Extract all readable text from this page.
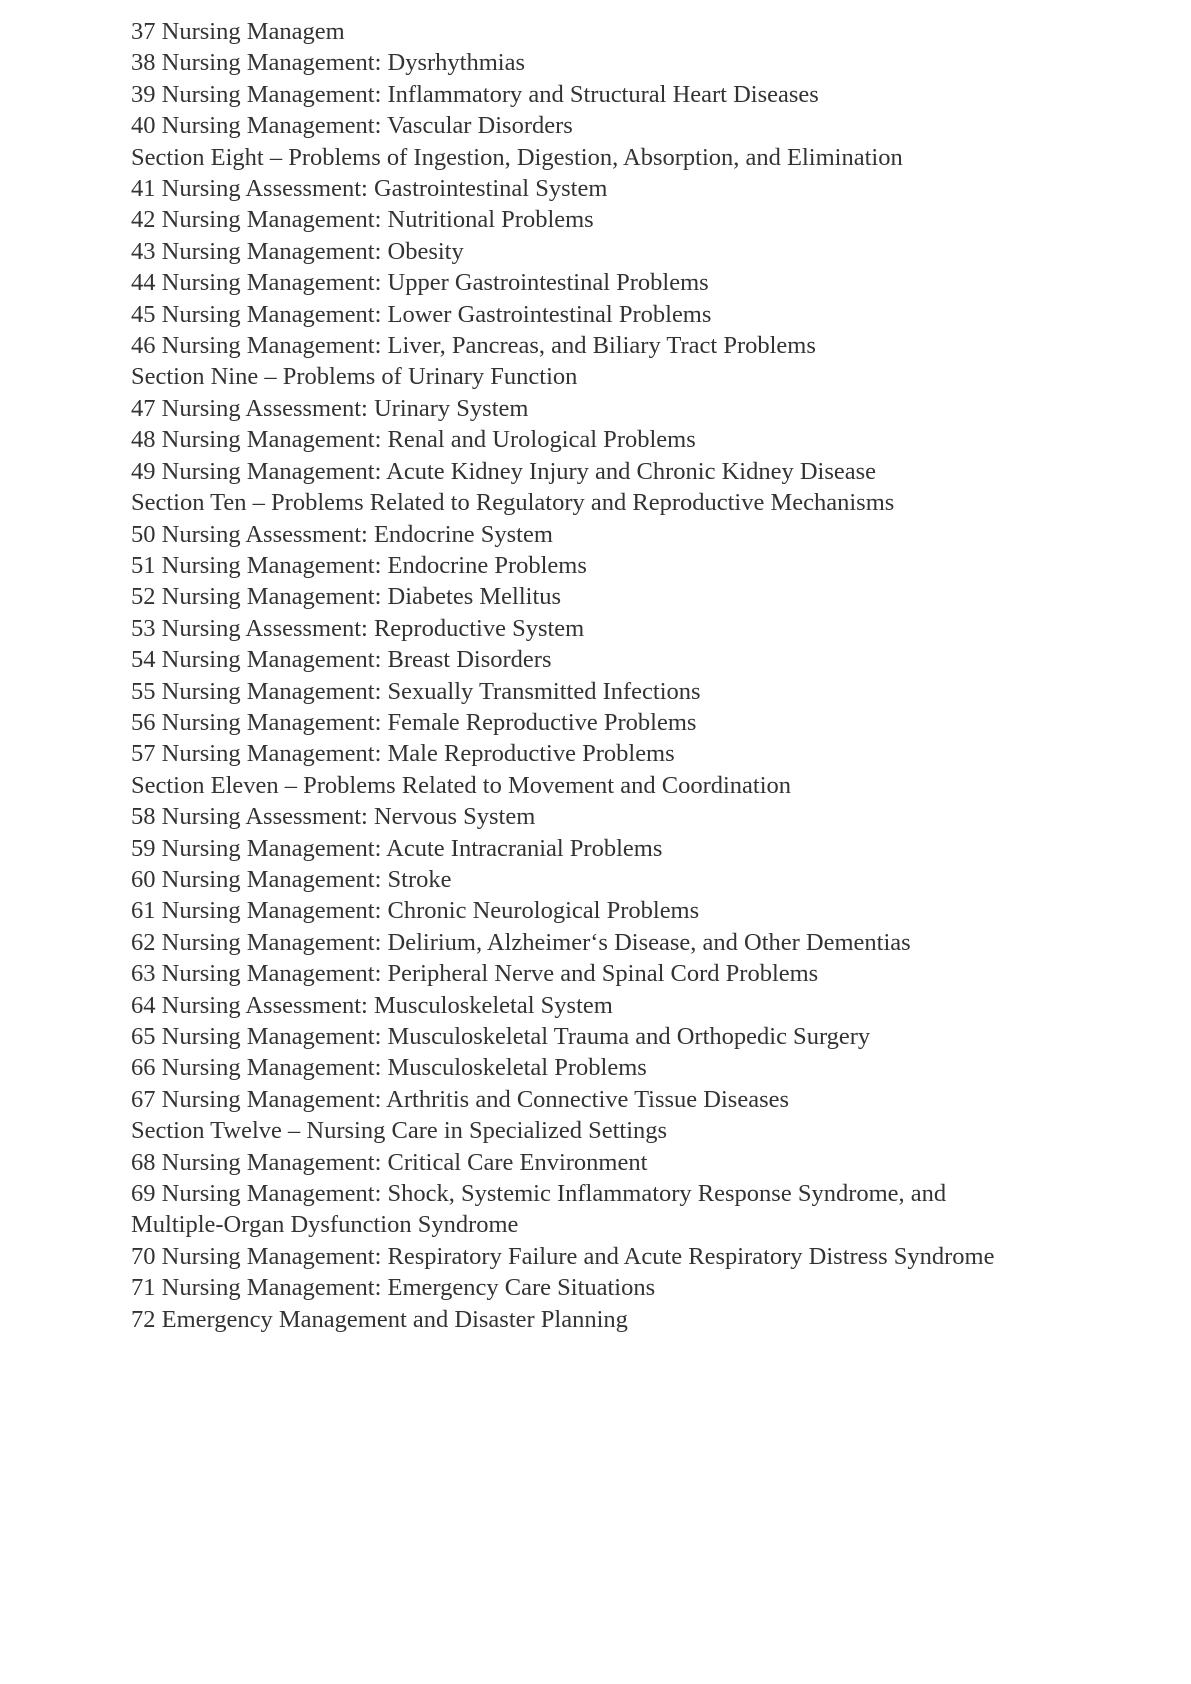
37 Nursing Managem
38 Nursing Management: Dysrhythmias
39 Nursing Management: Inflammatory and Structural Heart Diseases
40 Nursing Management: Vascular Disorders
Section Eight – Problems of Ingestion, Digestion, Absorption, and Elimination
41 Nursing Assessment: Gastrointestinal System
42 Nursing Management: Nutritional Problems
43 Nursing Management: Obesity
44 Nursing Management: Upper Gastrointestinal Problems
45 Nursing Management: Lower Gastrointestinal Problems
46 Nursing Management: Liver, Pancreas, and Biliary Tract Problems
Section Nine – Problems of Urinary Function
47 Nursing Assessment: Urinary System
48 Nursing Management: Renal and Urological Problems
49 Nursing Management: Acute Kidney Injury and Chronic Kidney Disease
Section Ten – Problems Related to Regulatory and Reproductive Mechanisms
50 Nursing Assessment: Endocrine System
51 Nursing Management: Endocrine Problems
52 Nursing Management: Diabetes Mellitus
53 Nursing Assessment: Reproductive System
54 Nursing Management: Breast Disorders
55 Nursing Management: Sexually Transmitted Infections
56 Nursing Management: Female Reproductive Problems
57 Nursing Management: Male Reproductive Problems
Section Eleven – Problems Related to Movement and Coordination
58 Nursing Assessment: Nervous System
59 Nursing Management: Acute Intracranial Problems
60 Nursing Management: Stroke
61 Nursing Management: Chronic Neurological Problems
62 Nursing Management: Delirium, Alzheimer‘s Disease, and Other Dementias
63 Nursing Management: Peripheral Nerve and Spinal Cord Problems
64 Nursing Assessment: Musculoskeletal System
65 Nursing Management: Musculoskeletal Trauma and Orthopedic Surgery
66 Nursing Management: Musculoskeletal Problems
67 Nursing Management: Arthritis and Connective Tissue Diseases
Section Twelve – Nursing Care in Specialized Settings
68 Nursing Management: Critical Care Environment
69 Nursing Management: Shock, Systemic Inflammatory Response Syndrome, and
Multiple-Organ Dysfunction Syndrome
70 Nursing Management: Respiratory Failure and Acute Respiratory Distress Syndrome
71 Nursing Management: Emergency Care Situations
72 Emergency Management and Disaster Planning
